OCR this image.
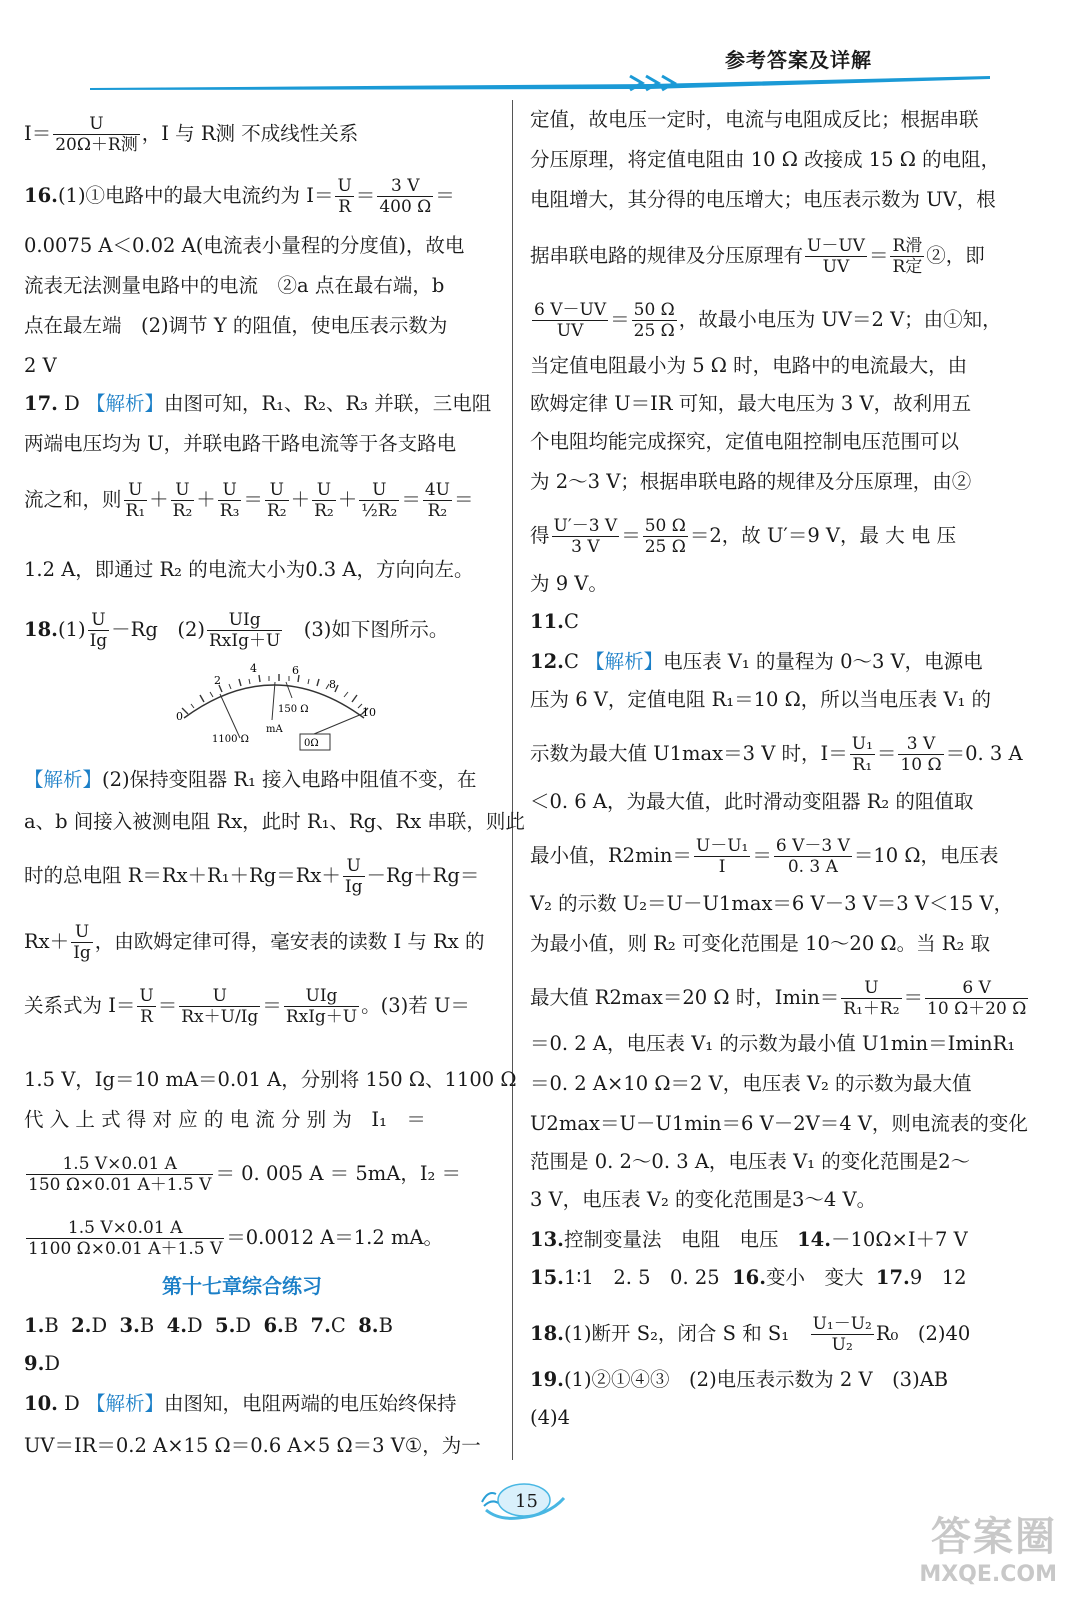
参考答案及详解
I＝	U
20Ω＋R测 ，I 与 R测 不成线性关系
16.(1)①电路中的最大电流约为 $I= \frac{U}{R} = \frac{3 V}{400 \Omega}$ ＝
0.0075 A＜0.02 A(电流表小量程的分度值)，故电
流表无法测量电路中的电流　②a 点在最右端，b
点在最左端　(2)调节 Y 的阻值，使电压表示数为
2 V
17. D 【解析】由图可知，R₁、R₂、R₃ 并联，三电阻
两端电压均为 U，并联电路干路电流等于各支路电
流之和，则 $\frac{U}{\text{R₁}} + \frac{U}{\text{R₂}} + \frac{U}{\text{R₃}} = \frac{U}{\text{R₂}} + \frac{U}{\text{R₂}} + \frac{U}{\text{½R₂}} = \frac{4U}{\text{R₂}}$ ＝
1.2 A，即通过 R₂ 的电流大小为0.3 A，方向向左。
$18.(1) \frac{U}{Ig} -Rg$　(2)	UIg
RxIg＋U 　(3)如下图所示。
0
2
4	6
8
10
150 Ω
mA
1100 Ω	0Ω
【解析】(2)保持变阻器 R₁ 接入电路中阻值不变，在
a、b 间接入被测电阻 Rx，此时 R₁、Rg、Rx 串联，则此
时的总电阻 $R=Rx+R_1+Rg=Rx+ \frac{U}{Ig} -Rg+Rg=$
$Rx+ \frac{U}{Ig}$ ，由欧姆定律可得，毫安表的读数 I 与 Rx 的
关系式为 $I= \frac{U}{R} = \frac{U}{Rx+U/Ig}$ ＝	UIg
RxIg＋U 。(3)若 U＝
1.5 V，Ig＝10 mA＝0.01 A，分别将 150 Ω、1100 Ω
代 入 上 式 得 对 应 的 电 流 分 别 为　I₁　＝
$\frac{1.5 V\times 0.01 A}{150 \Omega\times 0.01 A+1.5 V} = 0$. 005 A ＝ 5mA，I₂ ＝
$\frac{1.5 V\times 0.01 A}{1100 \Omega\times 0.01 A+1.5 V} =0.0012$ A＝1.2 mA。
第十七章综合练习
1.B 2.D 3.B 4.D 5.D 6.B 7.C 8.B
9.D
10. D 【解析】由图知，电阻两端的电压始终保持
UV＝IR＝0.2 A×15 Ω＝0.6 A×5 Ω＝3 V①，为一
定值，故电压一定时，电流与电阻成反比；根据串联
分压原理，将定值电阻由 10 Ω 改接成 15 Ω 的电阻，
电阻增大，其分得的电压增大；电压表示数为 UV，根
据串联电路的规律及分压原理有 $\frac{U-UV}{UV} = R$滑
R定 ②，即
$\frac{6 V-UV}{UV} = \frac{50 \Omega}{25 \Omega}$ ，故最小电压为 UV＝2 V；由①知，
当定值电阻最小为 5 Ω 时，电路中的电流最大，由
欧姆定律 U＝IR 可知，最大电压为 3 V，故利用五
个电阻均能完成探究，定值电阻控制电压范围可以
为 2～3 V；根据串联电路的规律及分压原理，由②
得 $\frac{U'-3 V}{3 V} = \frac{50 \Omega}{25 \Omega} =2$，故 U′＝9 V，最 大 电 压
为 9 V。
11.C
12.C 【解析】电压表 V₁ 的量程为 0～3 V，电源电
压为 6 V，定值电阻 R₁＝10 Ω，所以当电压表 V₁ 的
示数为最大值 U1max＝3 V 时，$I= \frac{\text{U₁}}{\text{R₁}} = \frac{3 V}{10 \Omega} =0$. 3 A
＜0. 6 A，为最大值，此时滑动变阻器 R₂ 的阻值取
最小值，$R2\min= \frac{\text{U－U₁}}{I} = \frac{6 V-3 V}{0. 3 A} =10$ Ω，电压表
V₂ 的示数 U₂＝U－U1max＝6 V－3 V＝3 V＜15 V，
为最小值，则 R₂ 可变化范围是 10～20 Ω。当 R₂ 取
最大值 R2max＝20 Ω 时，$Imin= \frac{U}{\text{R₁＋R₂}} = \frac{6 V}{10 \Omega+20 \Omega}$
＝0. 2 A，电压表 V₁ 的示数为最小值 U1min＝IminR₁
＝0. 2 A×10 Ω＝2 V，电压表 V₂ 的示数为最大值
U2max＝U－U1min＝6 V－2V＝4 V，则电流表的变化
范围是 0. 2～0. 3 A，电压表 V₁ 的变化范围是2～
3 V，电压表 V₂ 的变化范围是3～4 V。
13.控制变量法　电阻　电压 14.－10Ω×I＋7 V
15.1∶1　2. 5　0. 25 16.变小　变大 17.9　12
18.(1)断开 S₂，闭合 S 和 S₁　 $\frac{\text{U₁－U₂}}{\text{U₂}} R_0$　(2)40
19.(1)②①④③　(2)电压表示数为 2 V　(3)AB
(4)4
15
答案圈
MXQE.COM
